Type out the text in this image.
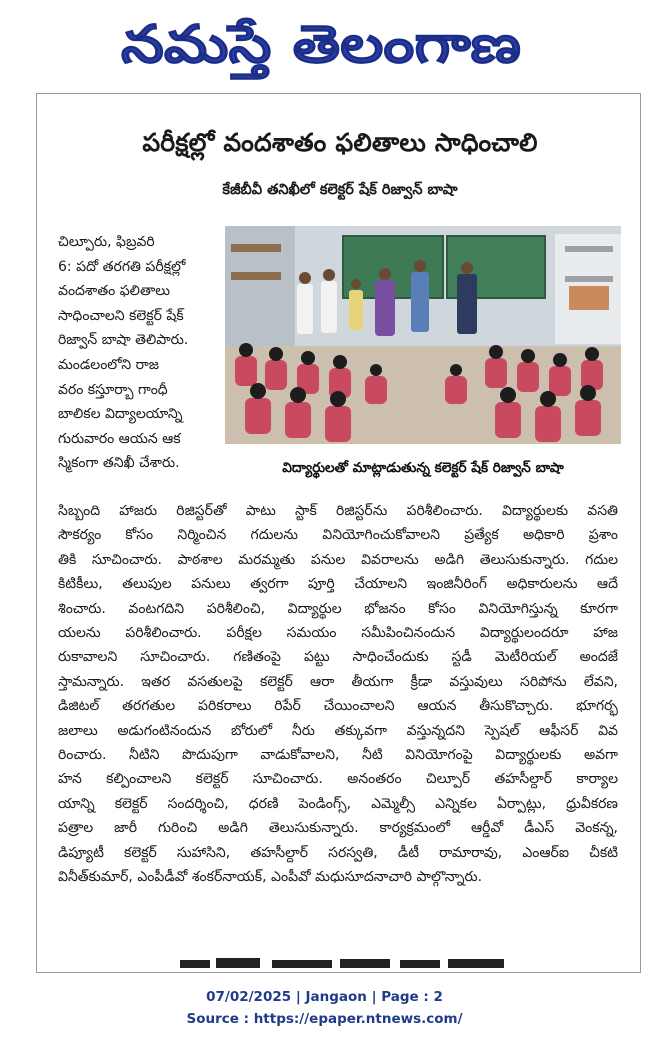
నమస్తే తెలంగాణ
పరీక్షల్లో వందశాతం ఫలితాలు సాధించాలి
కేజీబీవీ తనిఖీలో కలెక్టర్ షేక్ రిజ్వాన్ బాషా
చిల్పూరు, ఫిబ్రవరి
6: పదో తరగతి పరీక్షల్లో
వందశాతం ఫలితాలు
సాధించాలని కలెక్టర్ షేక్
రిజ్వాన్ బాషా తెలిపారు.
మండలంలోని రాజ
వరం కస్తూర్బా గాంధీ
బాలికల విద్యాలయాన్ని
గురువారం ఆయన ఆక
స్మికంగా తనిఖీ చేశారు.	విద్యార్థులతో మాట్లాడుతున్న కలెక్టర్ షేక్ రిజ్వాన్ బాషా
సిబ్బంది హాజరు రిజిస్టర్‌తో పాటు స్టాక్ రిజిస్టర్‌ను పరిశీలించారు. విద్యార్థులకు వసతి
సౌకర్యం కోసం నిర్మించిన గదులను వినియోగించుకోవాలని ప్రత్యేక అధికారి ప్రశాం
తికి సూచించారు. పాఠశాల మరమ్మతు పనుల వివరాలను అడిగి తెలుసుకున్నారు. గదుల
కిటికీలు, తలుపుల పనులు త్వరగా పూర్తి చేయాలని ఇంజినీరింగ్ అధికారులను ఆదే
శించారు. వంటగదిని పరిశీలించి, విద్యార్థుల భోజనం కోసం వినియోగిస్తున్న కూరగా
యలను పరిశీలించారు. పరీక్షల సమయం సమీపించినందున విద్యార్థులందరూ హాజ
రుకావాలని సూచించారు. గణితంపై పట్టు సాధించేందుకు స్టడీ మెటీరియల్ అందజే
స్తామన్నారు. ఇతర వసతులపై కలెక్టర్ ఆరా తీయగా క్రీడా వస్తువులు సరిపోను లేవని,
డిజిటల్ తరగతుల పరికరాలు రిపేర్ చేయించాలని ఆయన తీసుకొచ్చారు. భూగర్భ
జలాలు అడుగంటినందున బోరులో నీరు తక్కువగా వస్తున్నదని స్పెషల్ ఆఫీసర్ వివ
రించారు. నీటిని పొదుపుగా వాడుకోవాలని, నీటి వినియోగంపై విద్యార్థులకు అవగా
హన కల్పించాలని కలెక్టర్ సూచించారు. అనంతరం చిల్పూర్ తహసీల్దార్ కార్యాల
యాన్ని కలెక్టర్ సందర్శించి, ధరణి పెండింగ్స్, ఎమ్మెల్సీ ఎన్నికల ఏర్పాట్లు, ధ్రువీకరణ
పత్రాల జారీ గురించి అడిగి తెలుసుకున్నారు. కార్యక్రమంలో ఆర్డీవో డీఎస్ వెంకన్న,
డిప్యూటీ కలెక్టర్ సుహాసిని, తహసీల్దార్ సరస్వతి, డీటీ రామారావు, ఎంఆర్ఐ చీకటి
వినీత్‌కుమార్, ఎంపీడీవో శంకర్‌నాయక్, ఎంపీవో మధుసూదనాచారి పాల్గొన్నారు.
07/02/2025 | Jangaon | Page : 2
Source : https://epaper.ntnews.com/
